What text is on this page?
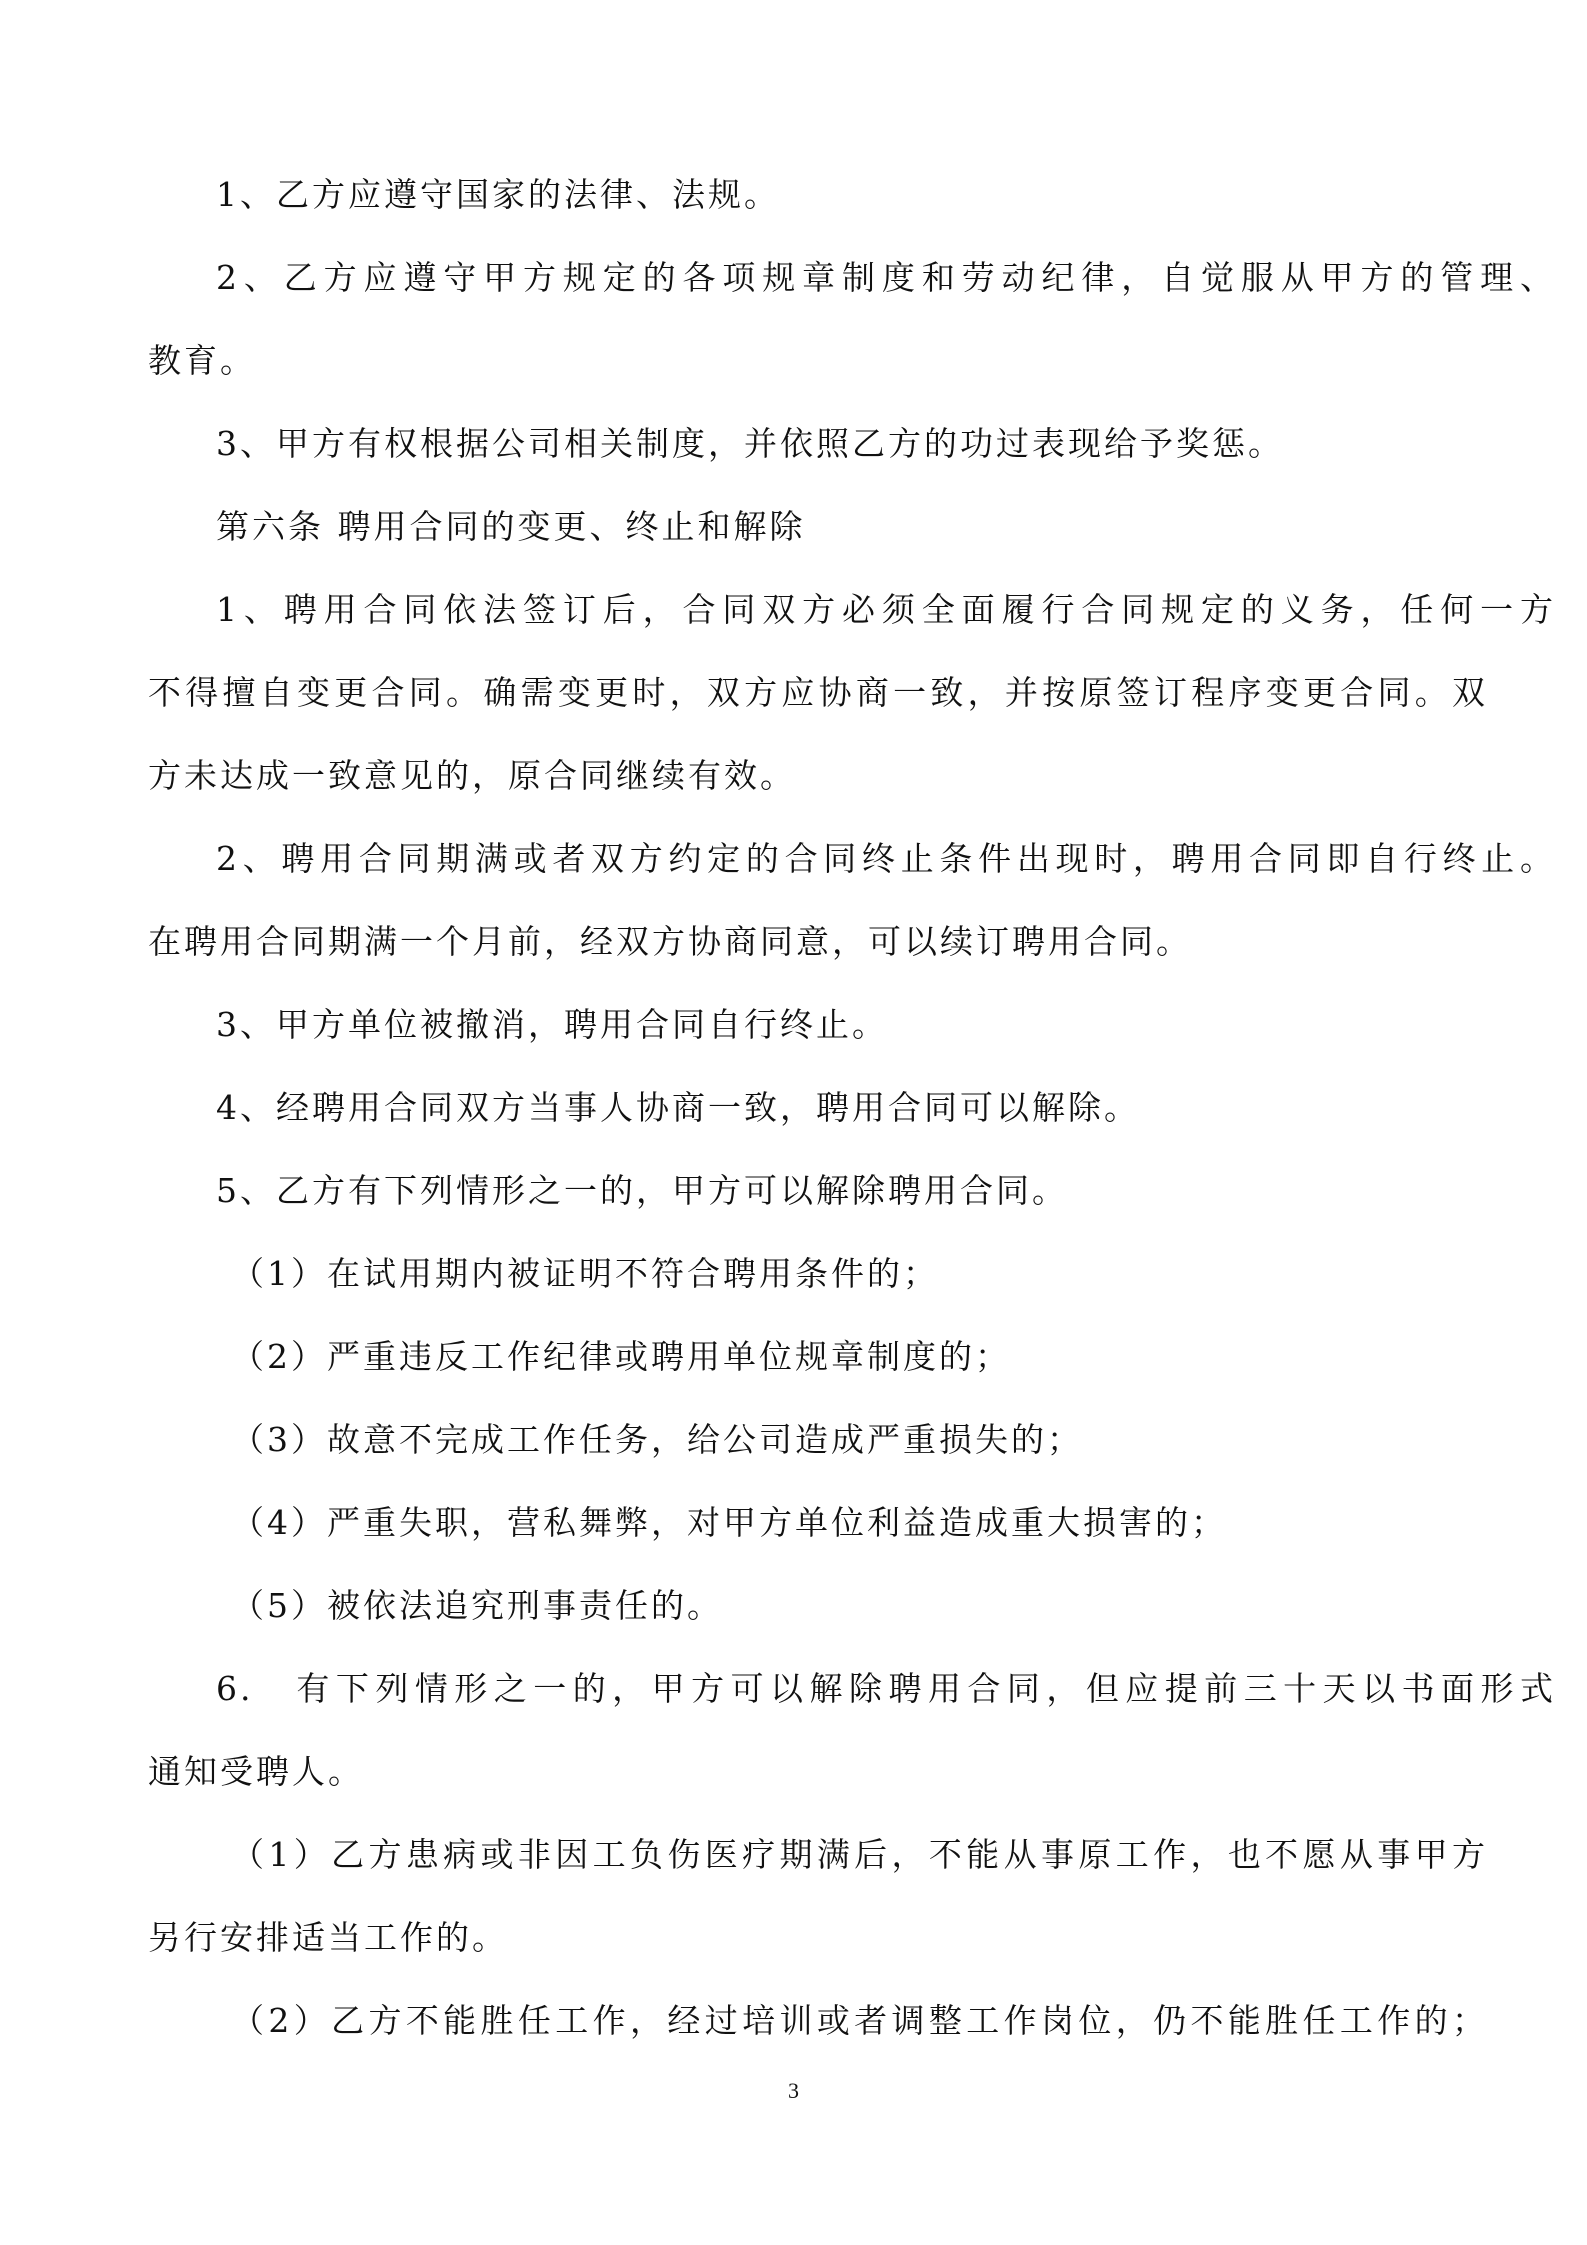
1、乙方应遵守国家的法律、法规。
2、乙方应遵守甲方规定的各项规章制度和劳动纪律，自觉服从甲方的管理、
教育。
3、甲方有权根据公司相关制度，并依照乙方的功过表现给予奖惩。
第六条 聘用合同的变更、终止和解除
1、聘用合同依法签订后，合同双方必须全面履行合同规定的义务，任何一方
不得擅自变更合同。确需变更时，双方应协商一致，并按原签订程序变更合同。双
方未达成一致意见的，原合同继续有效。
2、聘用合同期满或者双方约定的合同终止条件出现时，聘用合同即自行终止。
在聘用合同期满一个月前，经双方协商同意，可以续订聘用合同。
3、甲方单位被撤消，聘用合同自行终止。
4、经聘用合同双方当事人协商一致，聘用合同可以解除。
5、乙方有下列情形之一的，甲方可以解除聘用合同。
（1）在试用期内被证明不符合聘用条件的；
（2）严重违反工作纪律或聘用单位规章制度的；
（3）故意不完成工作任务，给公司造成严重损失的；
（4）严重失职，营私舞弊，对甲方单位利益造成重大损害的；
（5）被依法追究刑事责任的。
6.　有下列情形之一的，甲方可以解除聘用合同，但应提前三十天以书面形式
通知受聘人。
（1）乙方患病或非因工负伤医疗期满后，不能从事原工作，也不愿从事甲方
另行安排适当工作的。
（2）乙方不能胜任工作，经过培训或者调整工作岗位，仍不能胜任工作的；
3
